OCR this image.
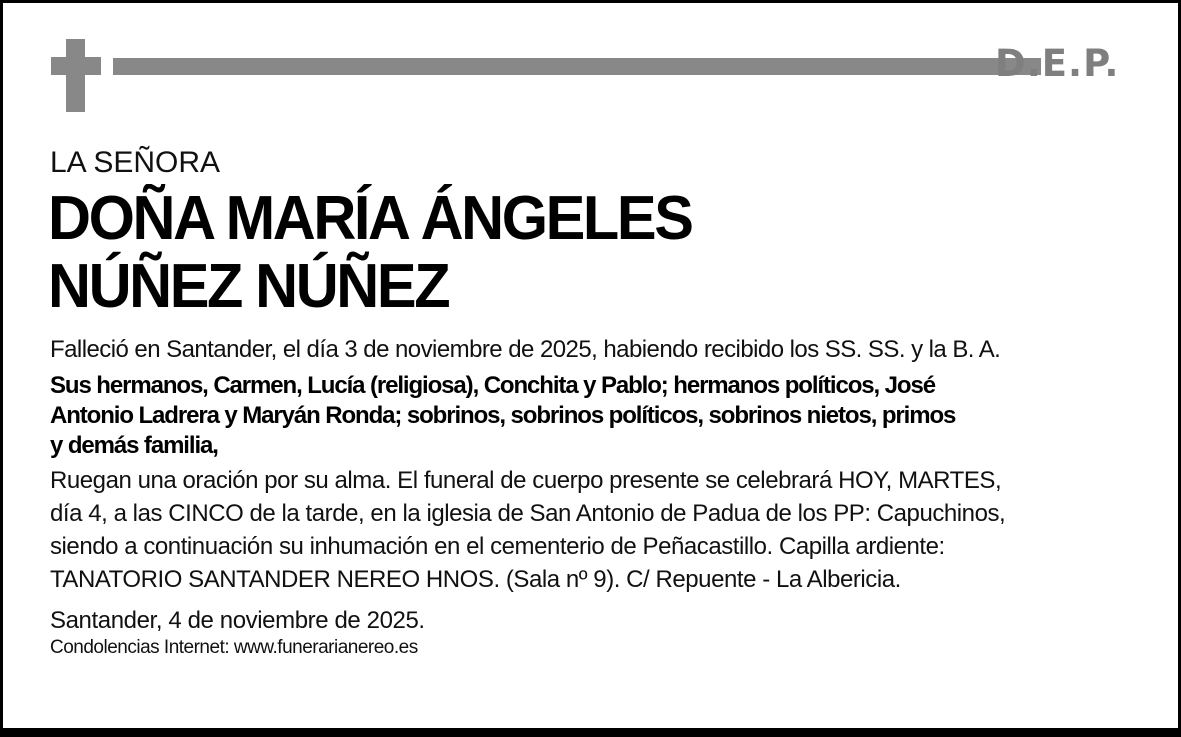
D.E.P.

LA SEÑORA

DOÑA MARÍA ÁNGELES
NÚÑEZ NÚÑEZ

Falleció en Santander, el día 3 de noviembre de 2025, habiendo recibido los SS. SS. y la B. A.

Sus hermanos, Carmen, Lucía (religiosa), Conchita y Pablo; hermanos políticos, José
Antonio Ladrera y Maryán Ronda; sobrinos, sobrinos políticos, sobrinos nietos, primos
y demás familia,

Ruegan una oración por su alma. El funeral de cuerpo presente se celebrará HOY, MARTES,
día 4, a las CINCO de la tarde, en la iglesia de San Antonio de Padua de los PP: Capuchinos,
siendo a continuación su inhumación en el cementerio de Peñacastillo. Capilla ardiente:
TANATORIO SANTANDER NEREO HNOS. (Sala nº 9). C/ Repuente - La Albericia.

Santander, 4 de noviembre de 2025.

Condolencias Internet: www.funerarianereo.es
